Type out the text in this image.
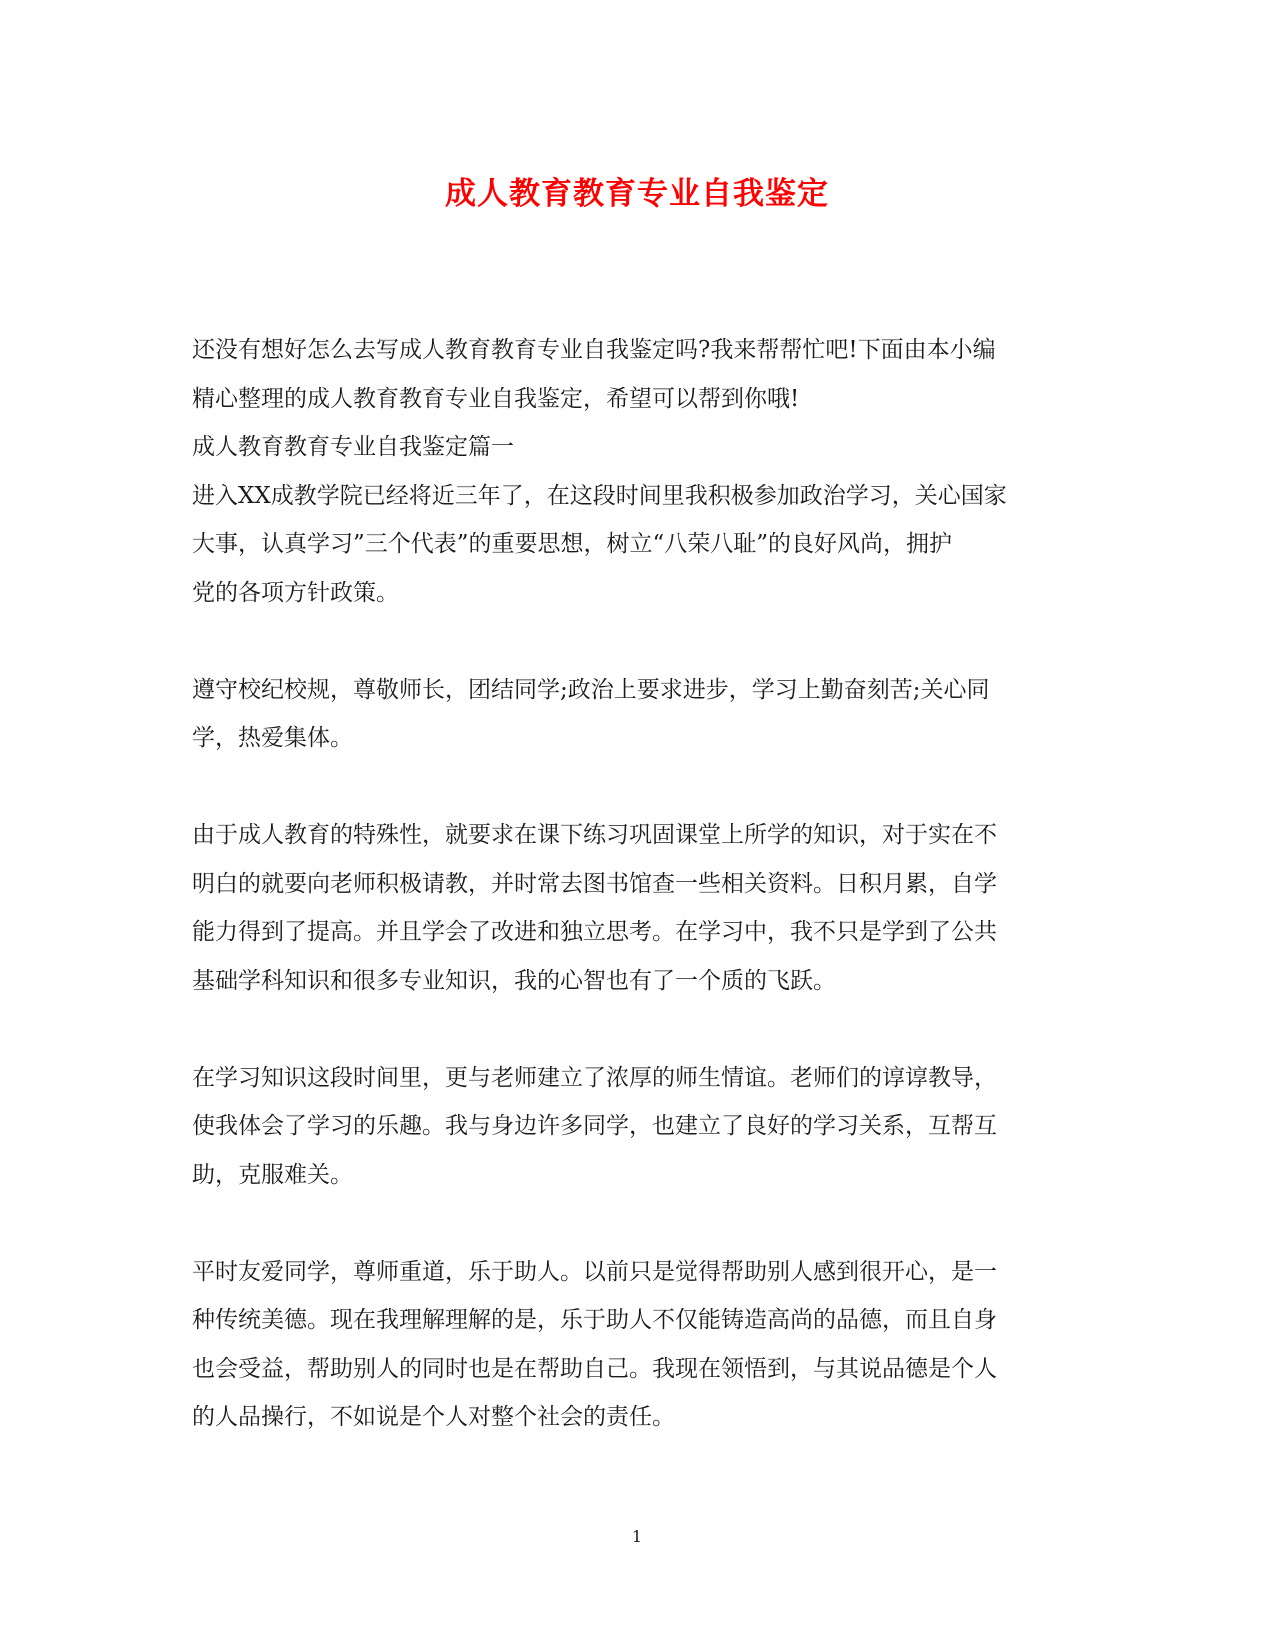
成人教育教育专业自我鉴定

还没有想好怎么去写成人教育教育专业自我鉴定吗?我来帮帮忙吧!下面由本小编

精心整理的成人教育教育专业自我鉴定，希望可以帮到你哦!

成人教育教育专业自我鉴定篇一

进入XX成教学院已经将近三年了，在这段时间里我积极参加政治学习，关心国家

大事，认真学习”三个代表”的重要思想，树立“八荣八耻”的良好风尚，拥护

党的各项方针政策。

遵守校纪校规，尊敬师长，团结同学;政治上要求进步，学习上勤奋刻苦;关心同

学，热爱集体。

由于成人教育的特殊性，就要求在课下练习巩固课堂上所学的知识，对于实在不

明白的就要向老师积极请教，并时常去图书馆查一些相关资料。日积月累，自学

能力得到了提高。并且学会了改进和独立思考。在学习中，我不只是学到了公共

基础学科知识和很多专业知识，我的心智也有了一个质的飞跃。

在学习知识这段时间里，更与老师建立了浓厚的师生情谊。老师们的谆谆教导，

使我体会了学习的乐趣。我与身边许多同学，也建立了良好的学习关系，互帮互

助，克服难关。

平时友爱同学，尊师重道，乐于助人。以前只是觉得帮助别人感到很开心，是一

种传统美德。现在我理解理解的是，乐于助人不仅能铸造高尚的品德，而且自身

也会受益，帮助别人的同时也是在帮助自己。我现在领悟到，与其说品德是个人

的人品操行，不如说是个人对整个社会的责任。

1
